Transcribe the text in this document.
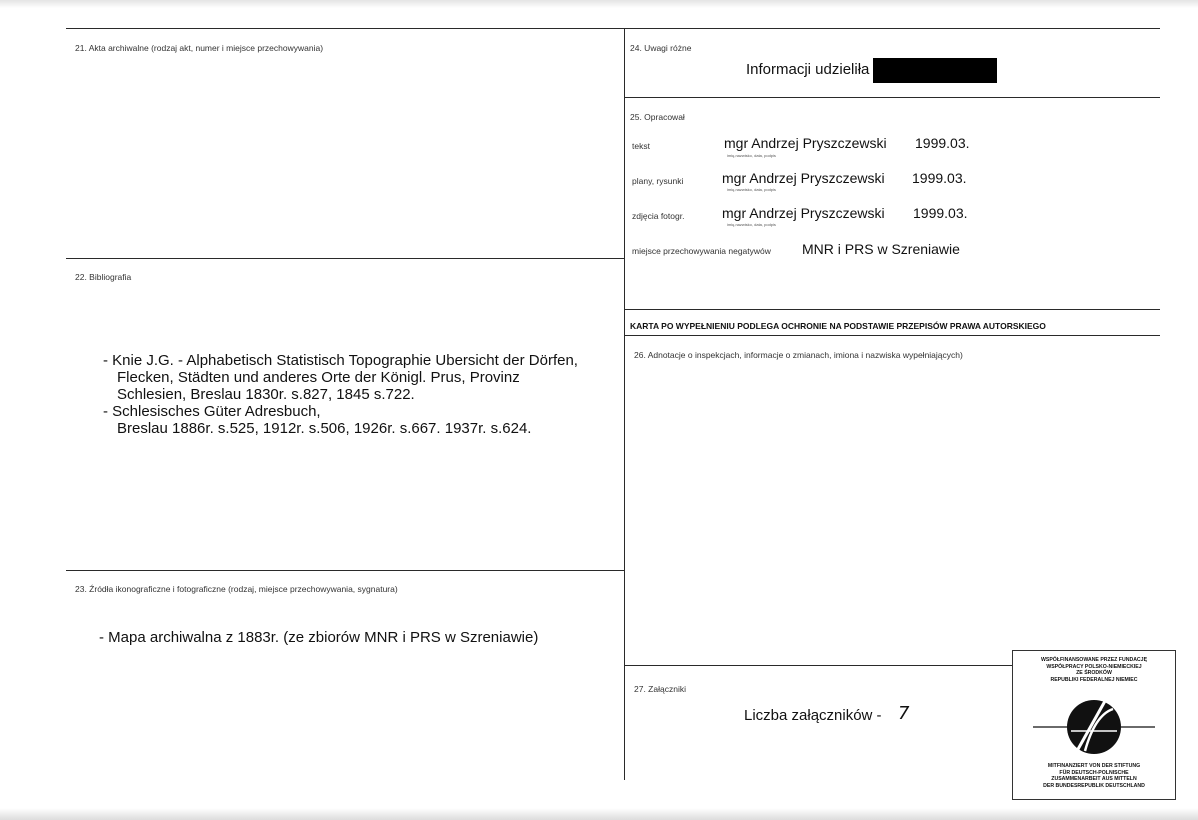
21. Akta archiwalne (rodzaj akt, numer i miejsce przechowywania)
22. Bibliografia
- Knie J.G. - Alphabetisch Statistisch Topographie Ubersicht der Dörfen,
Flecken, Städten und anderes Orte der Königl. Prus, Provinz
Schlesien, Breslau 1830r. s.827, 1845 s.722.
- Schlesisches Güter Adresbuch,
Breslau 1886r. s.525, 1912r. s.506, 1926r. s.667. 1937r. s.624.
23. Źródła ikonograficzne i fotograficzne (rodzaj, miejsce przechowywania, sygnatura)
- Mapa archiwalna z 1883r. (ze zbiorów MNR i PRS w Szreniawie)
24. Uwagi różne
Informacji udzieliła
25. Opracował
tekst	mgr Andrzej Pryszczewski 1999.03.
imię,nazwisko, data, podpis
plany, rysunki	mgr Andrzej Pryszczewski 1999.03.
imię,nazwisko, data, podpis
zdjęcia fotogr.	mgr Andrzej Pryszczewski 1999.03.
imię,nazwisko, data, podpis
miejsce przechowywania negatywów MNR i PRS w Szreniawie
KARTA PO WYPEŁNIENIU PODLEGA OCHRONIE NA PODSTAWIE PRZEPISÓW PRAWA AUTORSKIEGO
26. Adnotacje o inspekcjach, informacje o zmianach, imiona i nazwiska wypełniających)
27. Załączniki
Liczba załączników - 7
WSPÓŁFINANSOWANE PRZEZ FUNDACJĘ
WSPÓŁPRACY POLSKO-NIEMIECKIEJ
ZE ŚRODKÓW
REPUBLIKI FEDERALNEJ NIEMIEC
MITFINANZIERT VON DER STIFTUNG
FÜR DEUTSCH-POLNISCHE
ZUSAMMENARBEIT AUS MITTELN
DER BUNDESREPUBLIK DEUTSCHLAND
